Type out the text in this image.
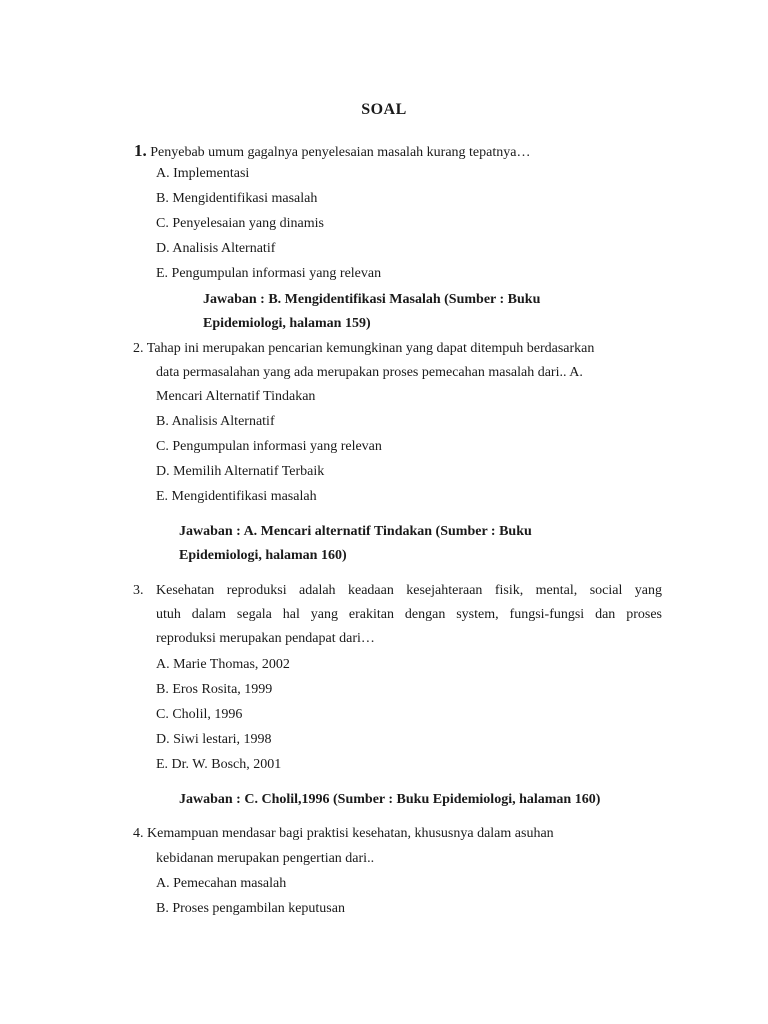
SOAL
1. Penyebab umum gagalnya penyelesaian masalah kurang tepatnya…
A. Implementasi
B. Mengidentifikasi masalah
C. Penyelesaian yang dinamis
D. Analisis Alternatif
E. Pengumpulan informasi yang relevan
Jawaban : B. Mengidentifikasi Masalah (Sumber : Buku
Epidemiologi, halaman 159)
2. Tahap ini merupakan pencarian kemungkinan yang dapat ditempuh berdasarkan
data permasalahan yang ada merupakan proses pemecahan masalah dari.. A.
Mencari Alternatif Tindakan
B. Analisis Alternatif
C. Pengumpulan informasi yang relevan
D. Memilih Alternatif Terbaik
E. Mengidentifikasi masalah
Jawaban : A. Mencari alternatif Tindakan (Sumber : Buku
Epidemiologi, halaman 160)
3. Kesehatan reproduksi adalah keadaan kesejahteraan fisik, mental, social yang
utuh dalam segala hal yang erakitan dengan system, fungsi-fungsi dan proses
reproduksi merupakan pendapat dari…
A. Marie Thomas, 2002
B. Eros Rosita, 1999
C. Cholil, 1996
D. Siwi lestari, 1998
E. Dr. W. Bosch, 2001
Jawaban : C. Cholil,1996 (Sumber : Buku Epidemiologi, halaman 160)
4. Kemampuan mendasar bagi praktisi kesehatan, khususnya dalam asuhan
kebidanan merupakan pengertian dari..
A. Pemecahan masalah
B. Proses pengambilan keputusan
